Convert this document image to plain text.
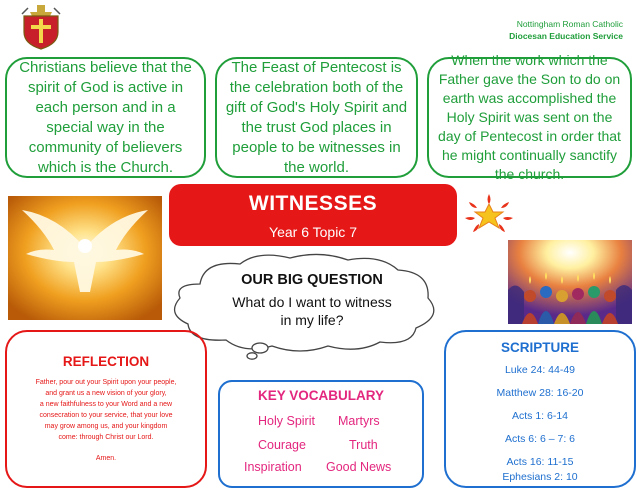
Nottingham Roman Catholic
Diocesan Education Service
Christians believe that the spirit of God is active in each person and in a special way in the community of believers which is the Church.
The Feast of Pentecost is the celebration both of the gift of God's Holy Spirit and the trust God places in people to be witnesses in the world.
When the work which the Father gave the Son to do on earth was accomplished the Holy Spirit was sent on the day of Pentecost in order that he might continually sanctify the church.
WITNESSES
Year 6 Topic 7
OUR BIG QUESTION
What do I want to witness
in my life?
REFLECTION
Father, pour out your Spirit upon your people,
and grant us a new vision of your glory,
a new faithfulness to your Word and a new
consecration to your service, that your love
may grow among us, and your kingdom
come: through Christ our Lord.
Amen.
KEY VOCABULARY
Holy Spirit Martyrs
Courage	Truth
Inspiration Good News
SCRIPTURE
Luke 24: 44-49
Matthew 28: 16-20
Acts 1: 6-14
Acts 6: 6 – 7: 6
Acts 16: 11-15
Ephesians 2: 10
